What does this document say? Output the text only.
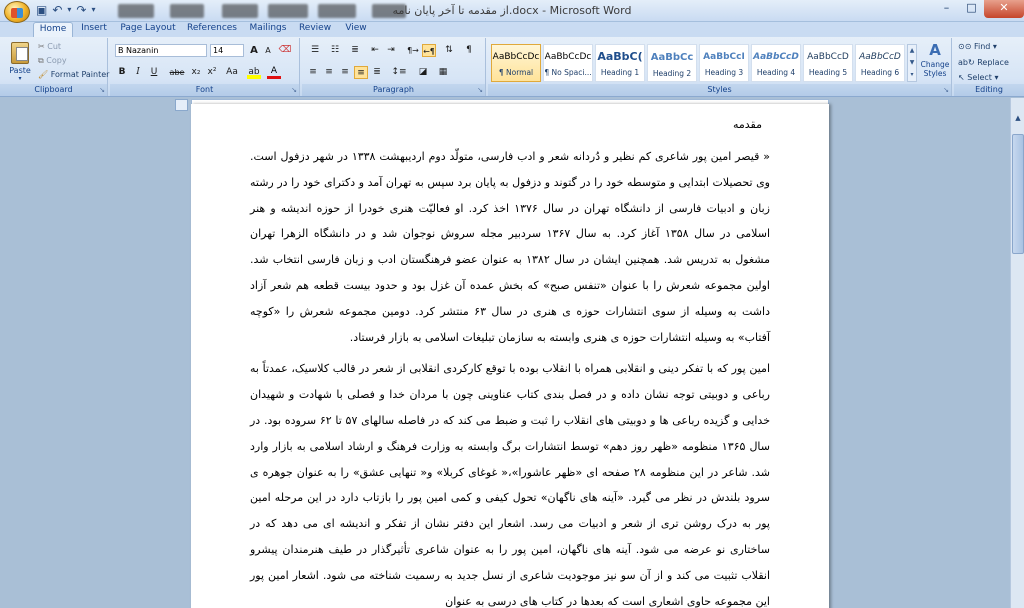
▣ ↶ ▾ ↷ ▾	از مقدمه تا آخر پایان نامه.docx - Microsoft Word	–	□	✕
Home	Insert	Page Layout	References	Mailings	Review	View
Paste
▾
✂ Cut
⧉ Copy
🖌 Format Painter
Clipboard	↘
B Nazanin	14	A A ⌫
B	I	U	abe x₂ x²	Aa	ab	A
Font	↘
☰	☷	≣	⇤ ⇥	¶→ ←¶	⇅	¶
≡ ≡ ≡ ≡ ≣	↕≡	◪	▦
Paragraph	↘
AaBbCcDc
¶ Normal
AaBbCcDc
¶ No Spaci...
AaBbC(
Heading 1
AaBbCc
Heading 2
AaBbCcI
Heading 3
AaBbCcD
Heading 4
AaBbCcD
Heading 5
AaBbCcD
Heading 6
▲
▼
▾
A
Change Styles
Styles	↘
⊙⊙ Find ▾
ab↻ Replace
↖ Select ▾
Editing
مقدمه

« قیصر امین پور شاعری کم نظیر و دُردانه شعر و ادب فارسی، متولّد دوم اردیبهشت ۱۳۳۸ در شهر دزفول است. وی تحصیلات ابتدایی و متوسطه خود را در گتوند و دزفول به پایان برد سپس به تهران آمد و دکترای خود را در رشته زبان و ادبیات فارسی از دانشگاه تهران در سال ۱۳۷۶ اخذ کرد. او فعالیّت هنری خودرا از حوزه اندیشه و هنر اسلامی در سال ۱۳۵۸ آغاز کرد. به سال ۱۳۶۷ سردبیر مجله سروش نوجوان شد و در دانشگاه الزهرا تهران مشغول به تدریس شد. همچنین ایشان در سال ۱۳۸۲ به عنوان عضو فرهنگستان ادب و زبان فارسی انتخاب شد. اولین مجموعه شعرش را با عنوان «تنفس صبح» که بخش عمده آن غزل بود و حدود بیست قطعه هم شعر آزاد داشت به وسیله از سوی انتشارات حوزه ی هنری در سال ۶۳ منتشر کرد. دومین مجموعه شعرش را «کوچه آفتاب» به وسیله انتشارات حوزه ی هنری وابسته به سازمان تبلیغات اسلامی به بازار فرستاد.

امین پور که با تفکر دینی و انقلابی همراه با انقلاب بوده با توقع کارکردی انقلابی از شعر در قالب کلاسیک، عمدتاً به رباعی و دوبیتی توجه نشان داده و در فصل بندی کتاب عناوینی چون با مردان خدا و فصلی با شهادت و شهیدان خدایی و گزیده رباعی ها و دوبیتی های انقلاب را ثبت و ضبط می کند که در فاصله سالهای ۵۷ تا ۶۲ سروده بود. در سال ۱۳۶۵ منظومه «ظهر روز دهم» توسط انتشارات برگ وابسته به وزارت فرهنگ و ارشاد اسلامی به بازار وارد شد. شاعر در این منظومه ۲۸ صفحه ای «ظهر عاشورا»،« غوغای کربلا» و« تنهایی عشق» را به عنوان جوهره ی سرود بلندش در نظر می گیرد. «آینه های ناگهان» تحول کیفی و کمی امین پور را بازتاب دارد در این مرحله امین پور به درک روشن تری از شعر و ادبیات می رسد. اشعار این دفتر نشان از تفکر و اندیشه ای می دهد که در ساختاری نو عرضه می شود. آینه های ناگهان، امین پور را به عنوان شاعری تأثیرگذار در طیف هنرمندان پیشرو انقلاب تثبیت می کند و از آن سو نیز موجودیت شاعری از نسل جدید به رسمیت شناخته می شود. اشعار امین پور این مجموعه حاوی اشعاری است که بعدها در کتاب های درسی به عنوان

▲
